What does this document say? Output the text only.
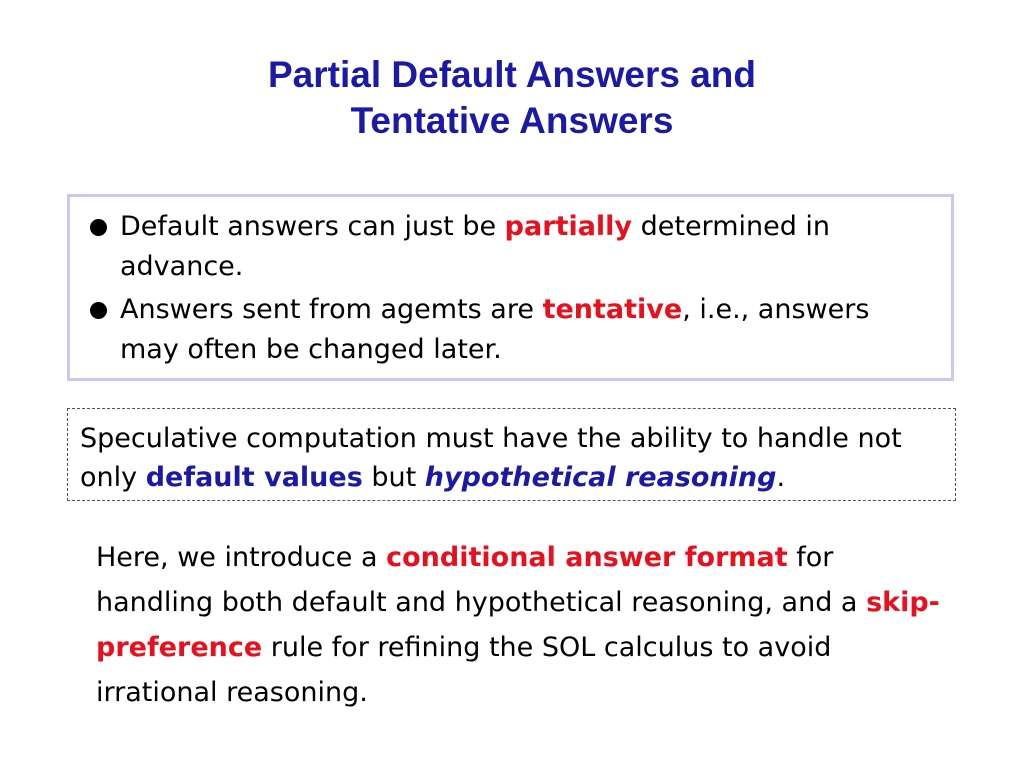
Partial Default Answers and
Tentative Answers
Default answers can just be partially determined in advance.
Answers sent from agemts are tentative, i.e., answers may often be changed later.
Speculative computation must have the ability to handle not only default values but hypothetical reasoning.

Here, we introduce a conditional answer format for handling both default and hypothetical reasoning, and a skip-preference rule for refining the SOL calculus to avoid irrational reasoning.
